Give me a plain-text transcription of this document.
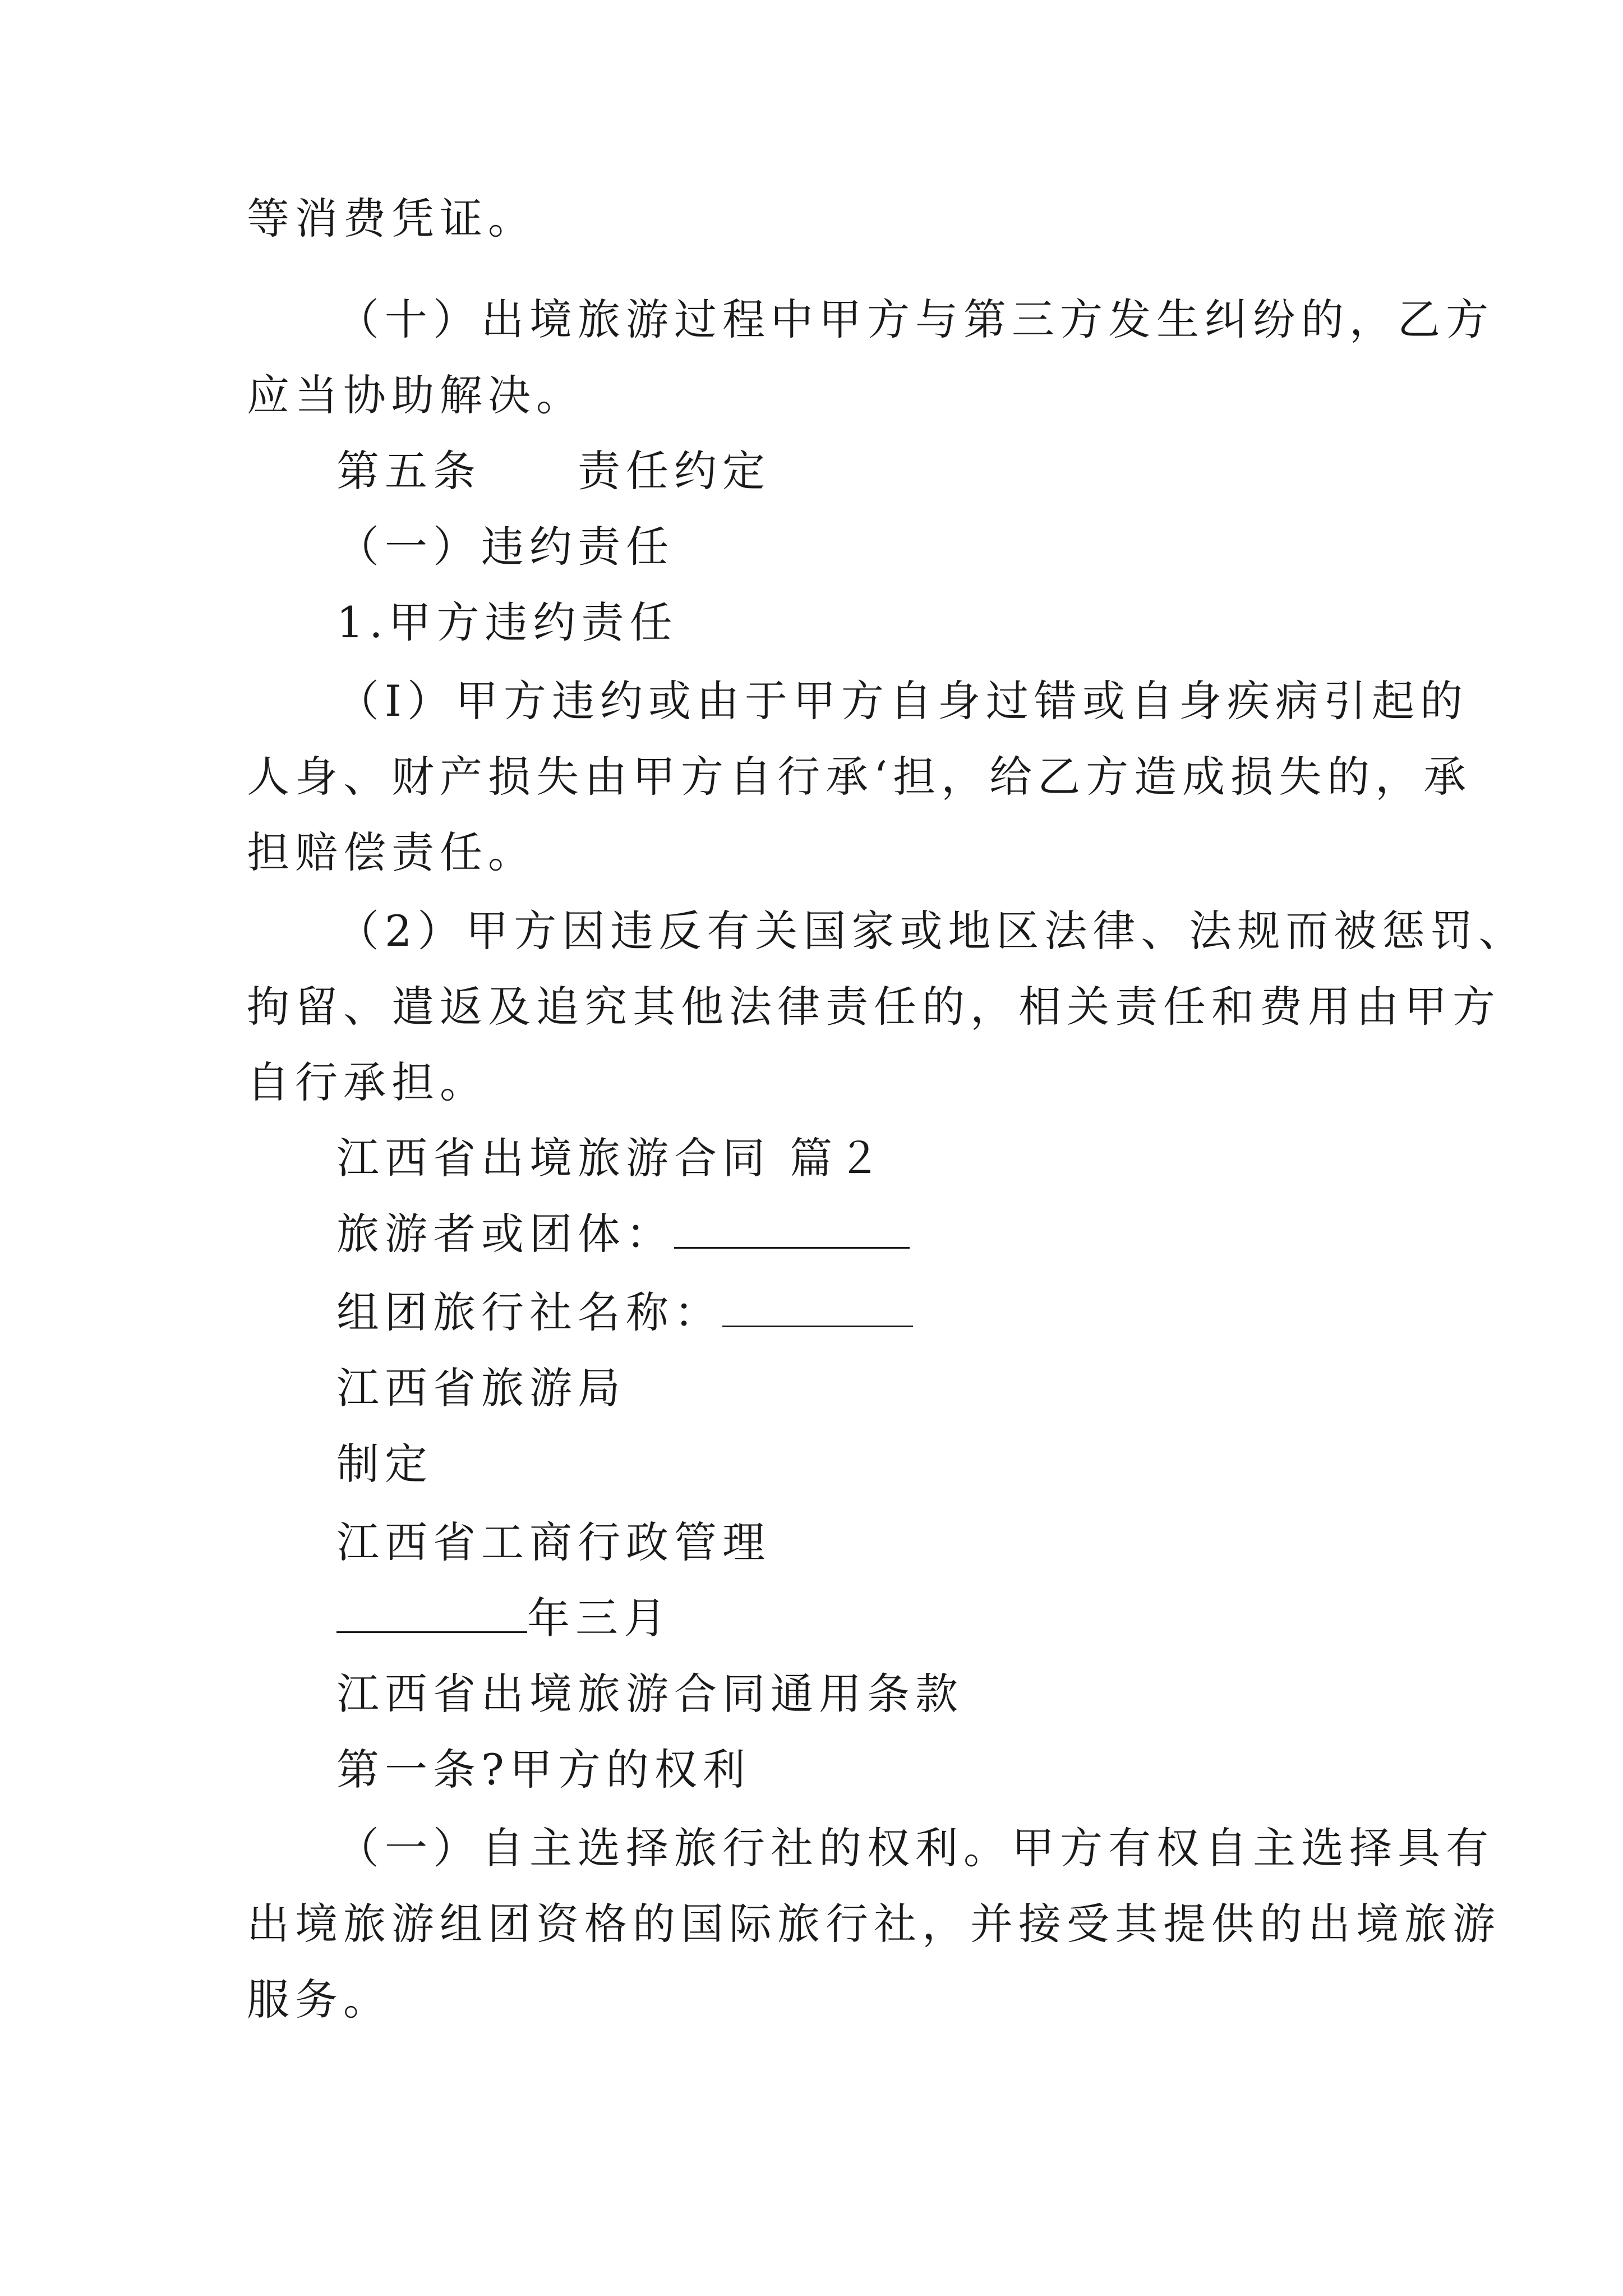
等消费凭证。
（十）出境旅游过程中甲方与第三方发生纠纷的，乙方
应当协助解决。
第五条　　责任约定
（一）违约责任
1.甲方违约责任
（I）甲方违约或由于甲方自身过错或自身疾病引起的
人身、财产损失由甲方自行承‘担，给乙方造成损失的，承
担赔偿责任。
（2）甲方因违反有关国家或地区法律、法规而被惩罚、
拘留、遣返及追究其他法律责任的，相关责任和费用由甲方
自行承担。
江西省出境旅游合同 篇２
旅游者或团体：
组团旅行社名称：
江西省旅游局
制定
江西省工商行政管理
年三月
江西省出境旅游合同通用条款
第一条?甲方的权利
（一）自主选择旅行社的权利。甲方有权自主选择具有
出境旅游组团资格的国际旅行社，并接受其提供的出境旅游
服务。
